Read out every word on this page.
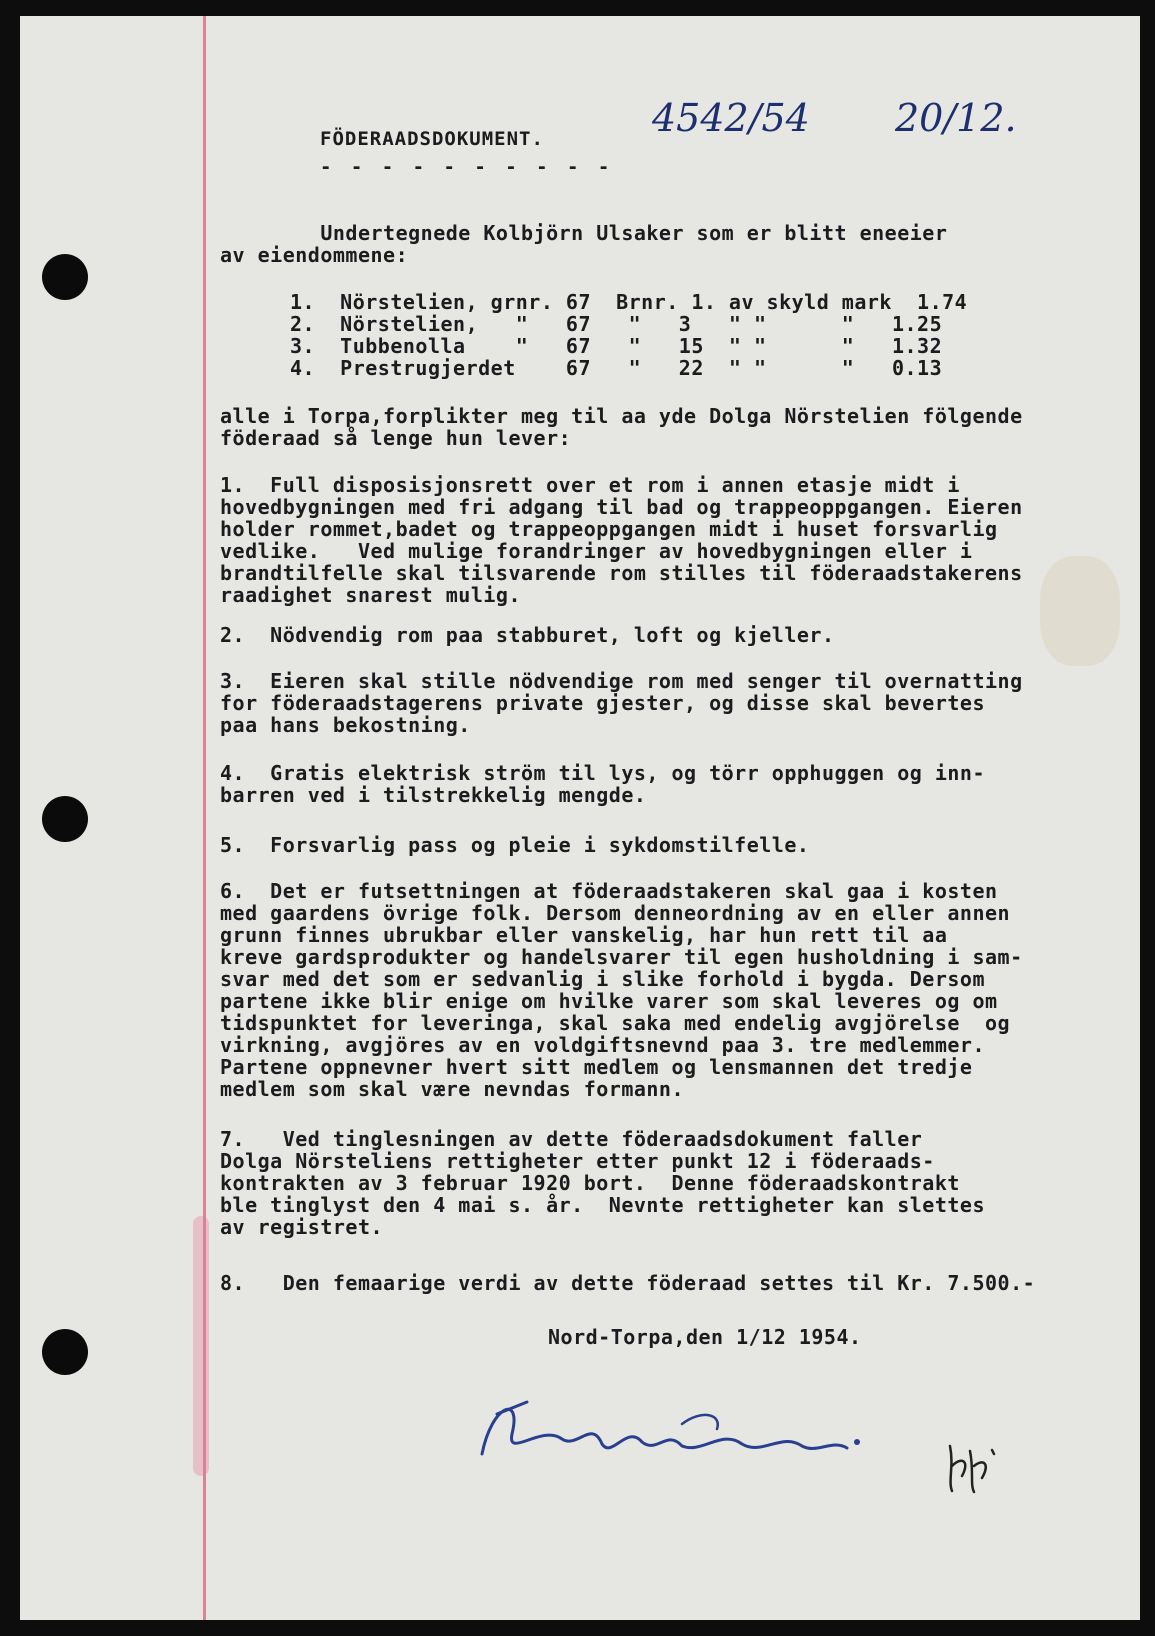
4542/54 20/12.
FÖDERAADSDOKUMENT.
- - - - - - - - - -
Undertegnede Kolbjörn Ulsaker som er blitt eneeier
av eiendommene:
1.  Nörstelien, grnr. 67  Brnr. 1. av skyld mark  1.74
2.  Nörstelien,   "   67   "   3   " "      "   1.25
3.  Tubbenolla    "   67   "   15  " "      "   1.32
4.  Prestrugjerdet    67   "   22  " "      "   0.13
alle i Torpa,forplikter meg til aa yde Dolga Nörstelien fölgende
föderaad så lenge hun lever:
1.  Full disposisjonsrett over et rom i annen etasje midt i
hovedbygningen med fri adgang til bad og trappeoppgangen. Eieren
holder rommet,badet og trappeoppgangen midt i huset forsvarlig
vedlike.   Ved mulige forandringer av hovedbygningen eller i
brandtilfelle skal tilsvarende rom stilles til föderaadstakerens
raadighet snarest mulig.
2.  Nödvendig rom paa stabburet, loft og kjeller.
3.  Eieren skal stille nödvendige rom med senger til overnatting
for föderaadstagerens private gjester, og disse skal bevertes
paa hans bekostning.
4.  Gratis elektrisk ström til lys, og törr opphuggen og inn-
barren ved i tilstrekkelig mengde.
5.  Forsvarlig pass og pleie i sykdomstilfelle.
6.  Det er futsettningen at föderaadstakeren skal gaa i kosten
med gaardens övrige folk. Dersom denneordning av en eller annen
grunn finnes ubrukbar eller vanskelig, har hun rett til aa
kreve gardsprodukter og handelsvarer til egen husholdning i sam-
svar med det som er sedvanlig i slike forhold i bygda. Dersom
partene ikke blir enige om hvilke varer som skal leveres og om
tidspunktet for leveringa, skal saka med endelig avgjörelse  og
virkning, avgjöres av en voldgiftsnevnd paa 3. tre medlemmer.
Partene oppnevner hvert sitt medlem og lensmannen det tredje
medlem som skal være nevndas formann.
7.   Ved tinglesningen av dette föderaadsdokument faller
Dolga Nörsteliens rettigheter etter punkt 12 i föderaads-
kontrakten av 3 februar 1920 bort.  Denne föderaadskontrakt
ble tinglyst den 4 mai s. år.  Nevnte rettigheter kan slettes
av registret.
8.   Den femaarige verdi av dette föderaad settes til Kr. 7.500.-
Nord-Torpa,den 1/12 1954.
